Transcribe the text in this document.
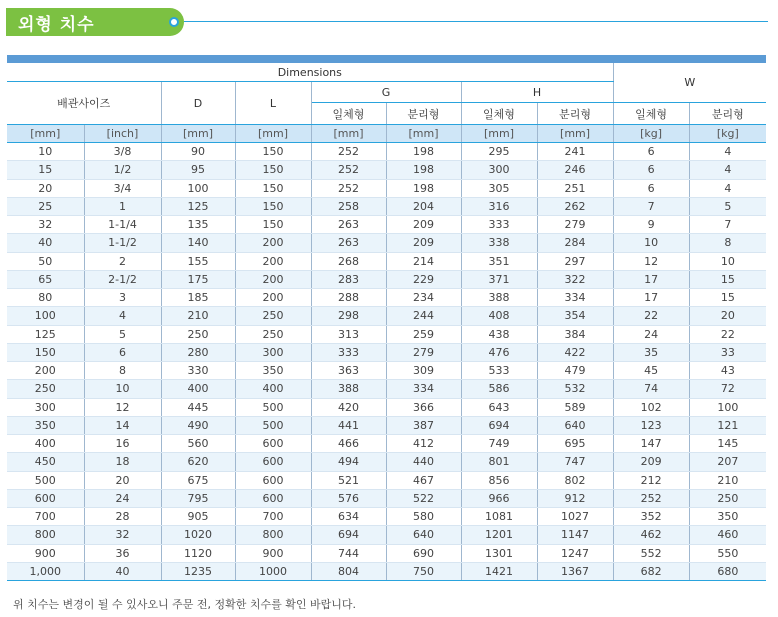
외형 치수
Dimensions								W	
배관사이즈		D	L	G		H			
				일체형	분리형	일체형	분리형	일체형	분리형
[mm]	[inch]	[mm]	[mm]	[mm]	[mm]	[mm]	[mm]	[kg]	[kg]
10	3/8	90	150	252	198	295	241	6	4
15	1/2	95	150	252	198	300	246	6	4
20	3/4	100	150	252	198	305	251	6	4
25	1	125	150	258	204	316	262	7	5
32	1-1/4	135	150	263	209	333	279	9	7
40	1-1/2	140	200	263	209	338	284	10	8
50	2	155	200	268	214	351	297	12	10
65	2-1/2	175	200	283	229	371	322	17	15
80	3	185	200	288	234	388	334	17	15
100	4	210	250	298	244	408	354	22	20
125	5	250	250	313	259	438	384	24	22
150	6	280	300	333	279	476	422	35	33
200	8	330	350	363	309	533	479	45	43
250	10	400	400	388	334	586	532	74	72
300	12	445	500	420	366	643	589	102	100
350	14	490	500	441	387	694	640	123	121
400	16	560	600	466	412	749	695	147	145
450	18	620	600	494	440	801	747	209	207
500	20	675	600	521	467	856	802	212	210
600	24	795	600	576	522	966	912	252	250
700	28	905	700	634	580	1081	1027	352	350
800	32	1020	800	694	640	1201	1147	462	460
900	36	1120	900	744	690	1301	1247	552	550
1,000	40	1235	1000	804	750	1421	1367	682	680
위 치수는 변경이 될 수 있사오니 주문 전, 정확한 치수를 확인 바랍니다.
